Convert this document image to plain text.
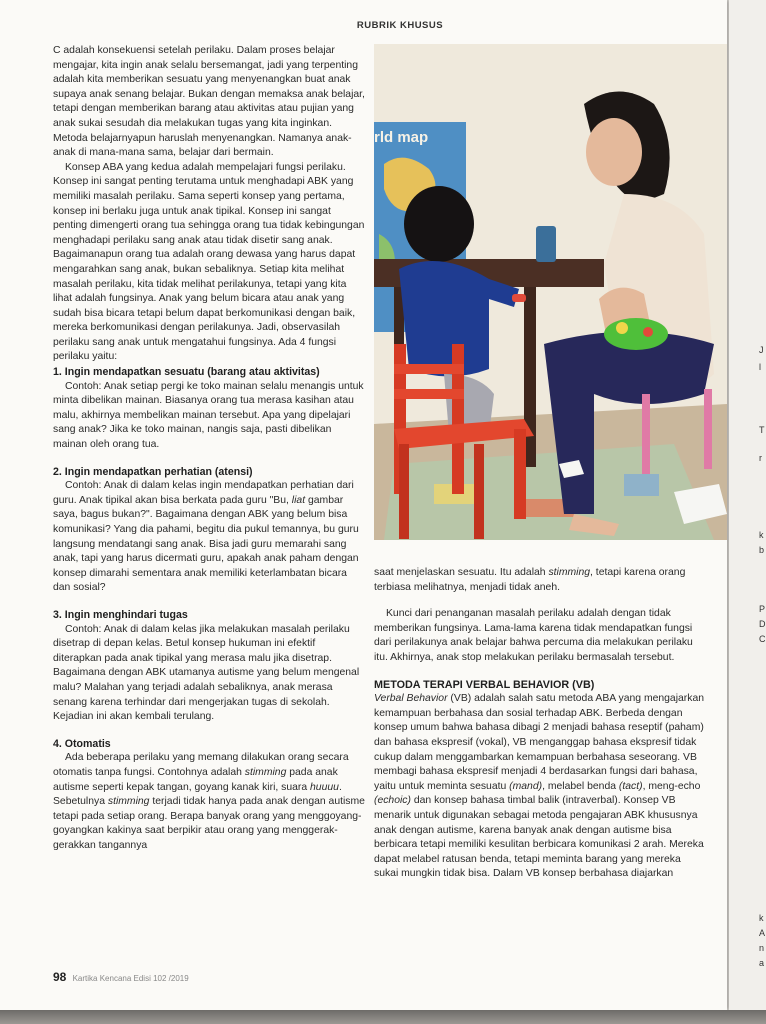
RUBRIK KHUSUS

C adalah konsekuensi setelah perilaku. Dalam proses belajar mengajar, kita ingin anak selalu bersemangat, jadi yang terpenting adalah kita memberikan sesuatu yang menyenangkan buat anak supaya anak senang belajar. Bukan dengan memaksa anak belajar, tetapi dengan memberikan barang atau aktivitas atau pujian yang anak sukai sesudah dia melakukan tugas yang kita inginkan. Metoda belajarnyapun haruslah menyenangkan. Namanya anak-anak di mana-mana sama, belajar dari bermain.

Konsep ABA yang kedua adalah mempelajari fungsi perilaku. Konsep ini sangat penting terutama untuk menghadapi ABK yang memiliki masalah perilaku. Sama seperti konsep yang pertama, konsep ini berlaku juga untuk anak tipikal. Konsep ini sangat penting dimengerti orang tua sehingga orang tua tidak kebingungan menghadapi perilaku sang anak atau tidak disetir sang anak. Bagaimanapun orang tua adalah orang dewasa yang harus dapat mengarahkan sang anak, bukan sebaliknya. Setiap kita melihat masalah perilaku, kita tidak melihat perilakunya, tetapi yang kita lihat adalah fungsinya. Anak yang belum bicara atau anak yang sudah bisa bicara tetapi belum dapat berkomunikasi dengan baik, mereka berkomunikasi dengan perilakunya. Jadi, observasilah perilaku sang anak untuk mengatahui fungsinya. Ada 4 fungsi perilaku yaitu:

1. Ingin mendapatkan sesuatu (barang atau aktivitas)

Contoh: Anak setiap pergi ke toko mainan selalu menangis untuk minta dibelikan mainan. Biasanya orang tua merasa kasihan atau malu, akhirnya membelikan mainan tersebut. Apa yang dipelajari sang anak? Jika ke toko mainan, nangis saja, pasti dibelikan mainan oleh orang tua.

2. Ingin mendapatkan perhatian (atensi)

Contoh: Anak di dalam kelas ingin mendapatkan perhatian dari guru. Anak tipikal akan bisa berkata pada guru "Bu, liat gambar saya, bagus bukan?". Bagaimana dengan ABK yang belum bisa komunikasi? Yang dia pahami, begitu dia pukul temannya, bu guru langsung mendatangi sang anak. Bisa jadi guru memarahi sang anak, tapi yang harus dicermati guru, apakah anak paham dengan konsep dimarahi sementara anak memiliki keterlambatan bicara dan sosial?

3. Ingin menghindari tugas

Contoh: Anak di dalam kelas jika melakukan masalah perilaku disetrap di depan kelas. Betul konsep hukuman ini efektif diterapkan pada anak tipikal yang merasa malu jika disetrap. Bagaimana dengan ABK utamanya autisme yang belum mengenal malu? Malahan yang terjadi adalah sebaliknya, anak merasa senang karena terhindar dari mengerjakan tugas di sekolah. Kejadian ini akan kembali terulang.

4. Otomatis

Ada beberapa perilaku yang memang dilakukan orang secara otomatis tanpa fungsi. Contohnya adalah stimming pada anak autisme seperti kepak tangan, goyang kanak kiri, suara huuuu. Sebetulnya stimming terjadi tidak hanya pada anak dengan autisme tetapi pada setiap orang. Berapa banyak orang yang menggoyang-goyangkan kakinya saat berpikir atau orang yang menggerak-gerakkan tangannya

rld map

saat menjelaskan sesuatu. Itu adalah stimming, tetapi karena orang terbiasa melihatnya, menjadi tidak aneh.

Kunci dari penanganan masalah perilaku adalah dengan tidak memberikan fungsinya. Lama-lama karena tidak mendapatkan fungsi dari perilakunya anak belajar bahwa percuma dia melakukan perilaku itu. Akhirnya, anak stop melakukan perilaku bermasalah tersebut.

METODA TERAPI VERBAL BEHAVIOR (VB)

Verbal Behavior (VB) adalah salah satu metoda ABA yang mengajarkan kemampuan berbahasa dan sosial terhadap ABK. Berbeda dengan konsep umum bahwa bahasa dibagi 2 menjadi bahasa reseptif (paham) dan bahasa ekspresif (vokal), VB menganggap bahasa ekspresif tidak cukup dalam menggambarkan kemampuan berbahasa seseorang. VB membagi bahasa ekspresif menjadi 4 berdasarkan fungsi dari bahasa, yaitu untuk meminta sesuatu (mand), melabel benda (tact), meng-echo (echoic) dan konsep bahasa timbal balik (intraverbal). Konsep VB menarik untuk digunakan sebagai metoda pengajaran ABK khususnya anak dengan autisme, karena banyak anak dengan autisme bisa berbicara tetapi memiliki kesulitan berbicara komunikasi 2 arah. Mereka dapat melabel ratusan benda, tetapi meminta barang yang mereka sukai mungkin tidak bisa. Dalam VB konsep berbahasa diajarkan

98 Kartika Kencana Edisi 102 /2019
J
l
T
r
k
b
P
D
C
k
A
n
a
